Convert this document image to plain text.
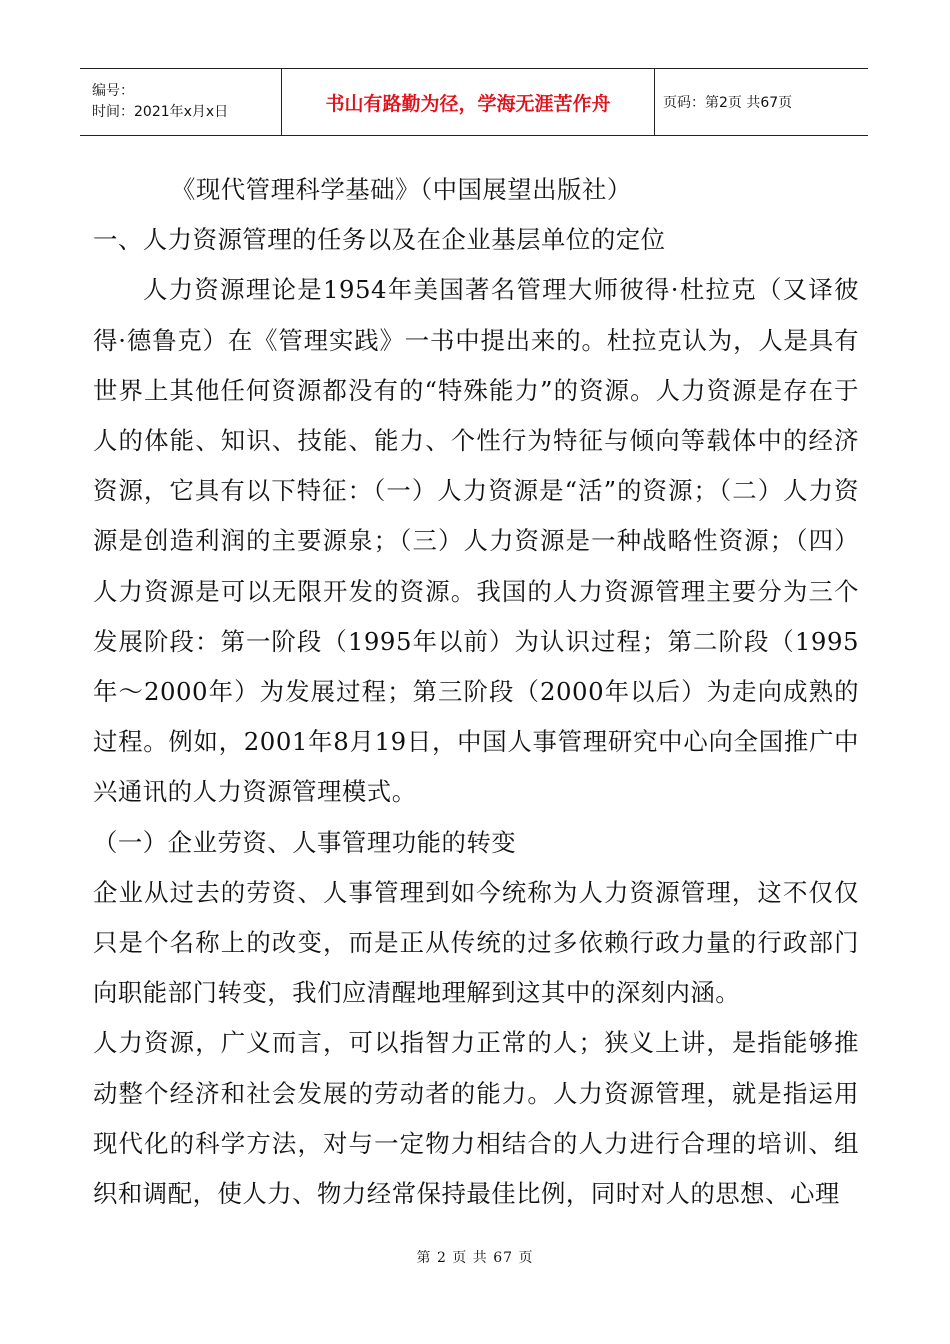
编号：
时间：2021年x月x日	书山有路勤为径，学海无涯苦作舟	页码：第2页 共67页

《现代管理科学基础》（中国展望出版社）

一、人力资源管理的任务以及在企业基层单位的定位

人力资源理论是1954年美国著名管理大师彼得·杜拉克（又译彼得·德鲁克）在《管理实践》一书中提出来的。杜拉克认为，人是具有世界上其他任何资源都没有的“特殊能力”的资源。人力资源是存在于人的体能、知识、技能、能力、个性行为特征与倾向等载体中的经济资源，它具有以下特征：（一）人力资源是“活”的资源；（二）人力资源是创造利润的主要源泉；（三）人力资源是一种战略性资源；（四）人力资源是可以无限开发的资源。我国的人力资源管理主要分为三个发展阶段：第一阶段（1995年以前）为认识过程；第二阶段（1995年～2000年）为发展过程；第三阶段（2000年以后）为走向成熟的过程。例如，2001年8月19日，中国人事管理研究中心向全国推广中兴通讯的人力资源管理模式。

（一）企业劳资、人事管理功能的转变

企业从过去的劳资、人事管理到如今统称为人力资源管理，这不仅仅只是个名称上的改变，而是正从传统的过多依赖行政力量的行政部门向职能部门转变，我们应清醒地理解到这其中的深刻内涵。

人力资源，广义而言，可以指智力正常的人；狭义上讲，是指能够推动整个经济和社会发展的劳动者的能力。人力资源管理，就是指运用现代化的科学方法，对与一定物力相结合的人力进行合理的培训、组织和调配，使人力、物力经常保持最佳比例，同时对人的思想、心理

第 2 页 共 67 页
